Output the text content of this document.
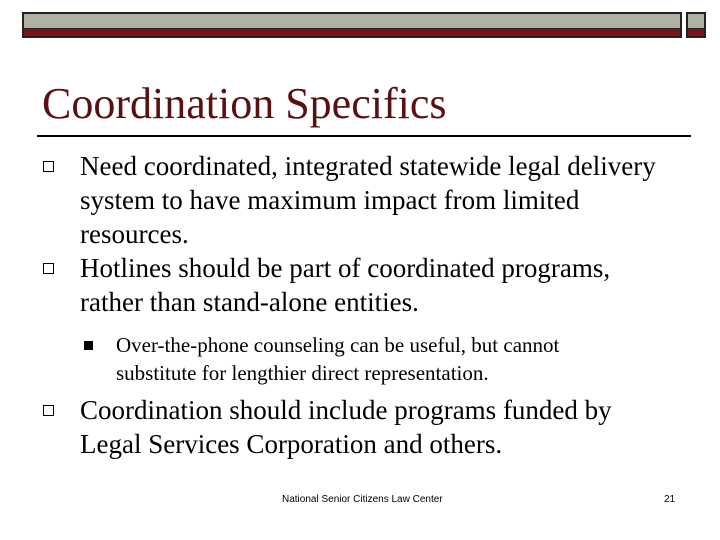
Coordination Specifics
Need coordinated, integrated statewide legal delivery
system to have maximum impact from limited
resources.
Hotlines should be part of coordinated programs,
rather than stand-alone entities.
Over-the-phone counseling can be useful, but cannot
substitute for lengthier direct representation.
Coordination should include programs funded by
Legal Services Corporation and others.
National Senior Citizens Law Center	21
